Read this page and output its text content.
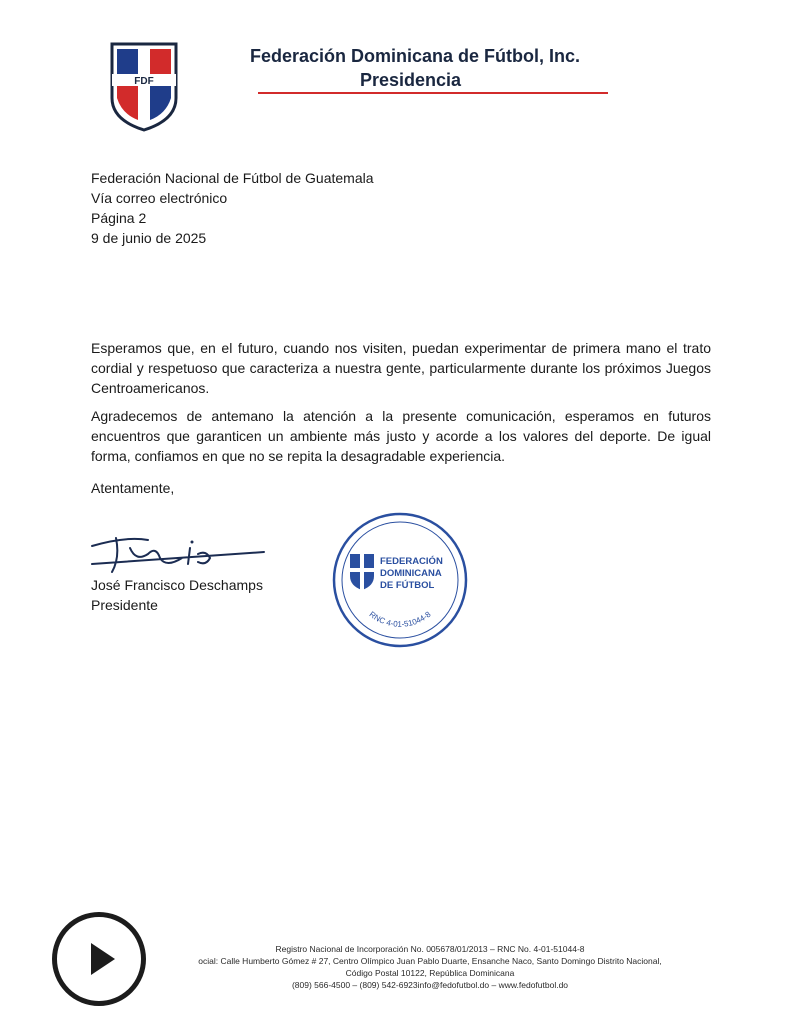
FDF
Federación Dominicana de Fútbol, Inc.
Presidencia
Federación Nacional de Fútbol de Guatemala
Vía correo electrónico
Página 2
9 de junio de 2025

Esperamos que, en el futuro, cuando nos visiten, puedan experimentar de primera mano el trato cordial y respetuoso que caracteriza a nuestra gente, particularmente durante los próximos Juegos Centroamericanos.

Agradecemos de antemano la atención a la presente comunicación, esperamos en futuros encuentros que garanticen un ambiente más justo y acorde a los valores del deporte. De igual forma, confiamos en que no se repita la desagradable experiencia.

Atentamente,
José Francisco Deschamps
Presidente
FEDERACIÓN
DOMINICANA
DE FÚTBOL
RNC 4-01-51044-8
Registro Nacional de Incorporación No. 005678/01/2013 – RNC No. 4-01-51044-8
ocial: Calle Humberto Gómez # 27, Centro Olímpico Juan Pablo Duarte, Ensanche Naco, Santo Domingo Distrito Nacional,
Código Postal 10122, República Dominicana
(809) 566-4500 – (809) 542-6923info@fedofutbol.do – www.fedofutbol.do
